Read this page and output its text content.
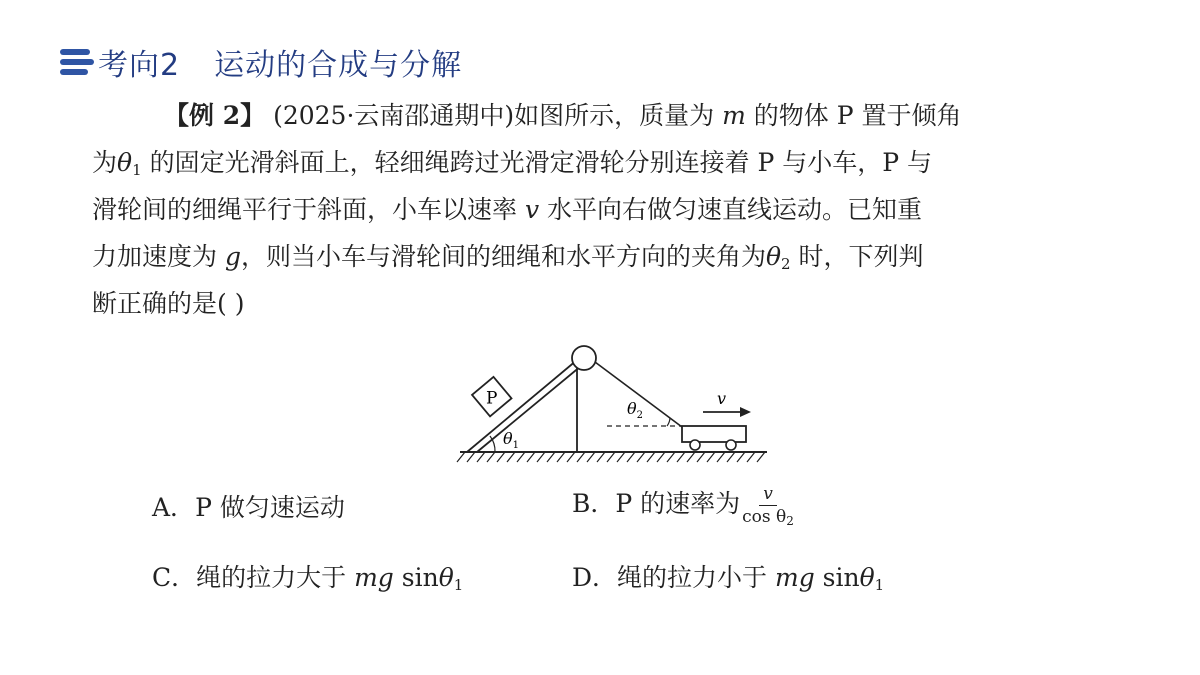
考向2 运动的合成与分解

【例 2】 (2025·云南邵通期中)如图所示，质量为 m 的物体 P 置于倾角

为$\theta_1$ 的固定光滑斜面上，轻细绳跨过光滑定滑轮分别连接着 P 与小车，P 与

滑轮间的细绳平行于斜面，小车以速率 v 水平向右做匀速直线运动。已知重

力加速度为 g，则当小车与滑轮间的细绳和水平方向的夹角为$\theta_2$ 时，下列判

断正确的是( )

P
$\theta_1$
$\theta_2$
v
A．P 做匀速运动	B．P 的速率为 $\frac{v}{\cos \theta_2}$
C．绳的拉力大于 mg sinθ$_1$	D．绳的拉力小于 mg sinθ$_1$
